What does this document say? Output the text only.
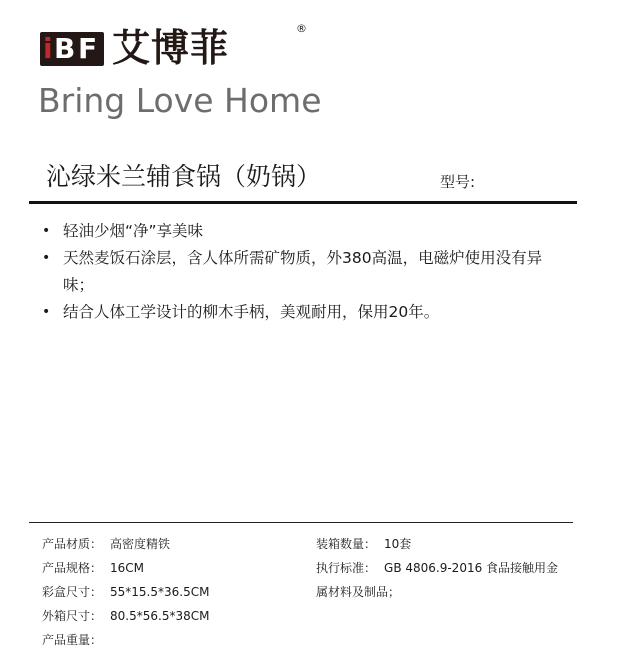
i B F 艾博菲	®
Bring Love Home
沁绿米兰辅食锅（奶锅）	型号:
• 轻油少烟“净”享美味
• 天然麦饭石涂层，含人体所需矿物质，外380高温，电磁炉使用没有异味；
• 结合人体工学设计的柳木手柄，美观耐用，保用20年。
产品材质： 高密度精铁
产品规格： 16CM
彩盒尺寸： 55*15.5*36.5CM
外箱尺寸： 80.5*56.5*38CM
产品重量：
装箱数量： 10套
执行标准： GB 4806.9-2016 食品接触用金
属材料及制品；
